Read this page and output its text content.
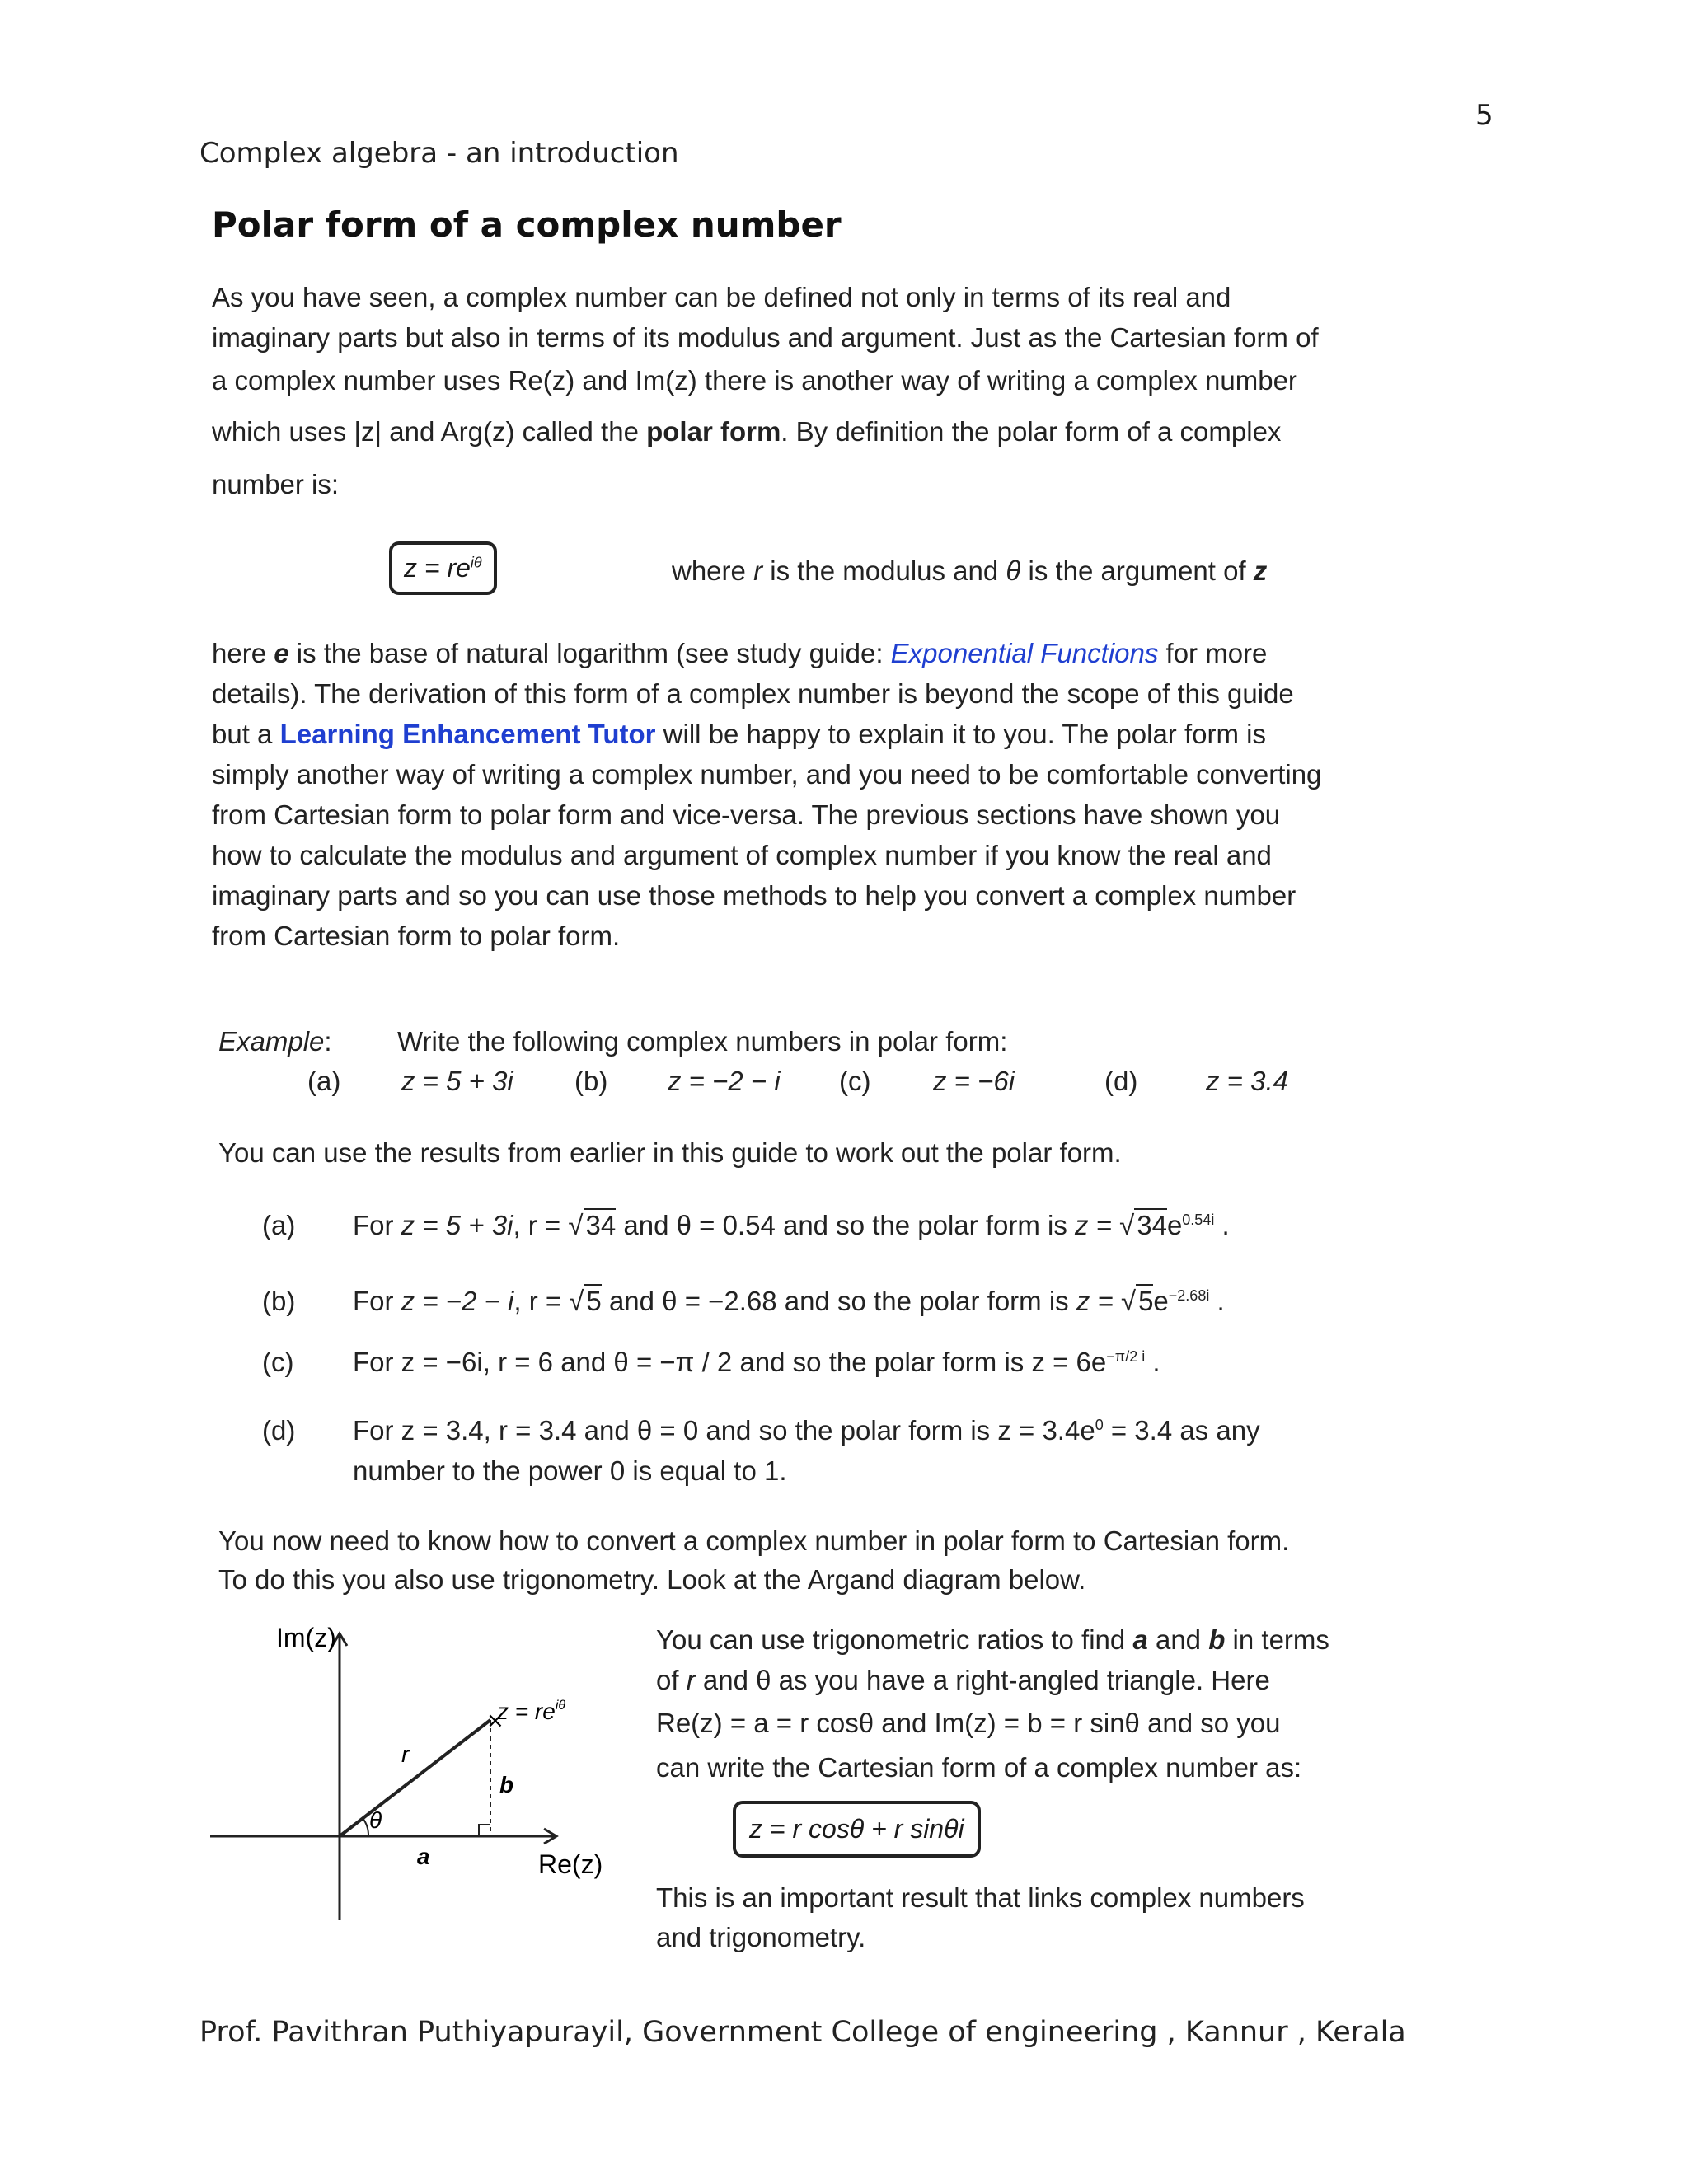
5
Complex algebra - an introduction
Polar form of a complex number
As you have seen, a complex number can be defined not only in terms of its real and
imaginary parts but also in terms of its modulus and argument. Just as the Cartesian form of
a complex number uses Re(z) and Im(z) there is another way of writing a complex number
which uses |z| and Arg(z) called the polar form. By definition the polar form of a complex
number is:
$z = re^{i\theta}$	where r is the modulus and θ is the argument of z
here e is the base of natural logarithm (see study guide: Exponential Functions for more
details). The derivation of this form of a complex number is beyond the scope of this guide
but a Learning Enhancement Tutor will be happy to explain it to you. The polar form is
simply another way of writing a complex number, and you need to be comfortable converting
from Cartesian form to polar form and vice-versa. The previous sections have shown you
how to calculate the modulus and argument of complex number if you know the real and
imaginary parts and so you can use those methods to help you convert a complex number
from Cartesian form to polar form.
Example: Write the following complex numbers in polar form:
(a) z = 5 + 3i (b) z = −2 − i (c) z = −6i	(d)	z = 3.4
You can use the results from earlier in this guide to work out the polar form.
(a) For z = 5 + 3i, r = √34 and θ = 0.54 and so the polar form is $z = √34e^{0.54i}$ .
(b) For z = −2 − i, r = √5 and θ = −2.68 and so the polar form is $z = √5e^{-2.68i}$ .
(c) For z = −6i, r = 6 and θ = −π / 2 and so the polar form is $z = 6e^{-\pi/2 i}$ .
(d) For z = 3.4, r = 3.4 and θ = 0 and so the polar form is $z = 3.4e^0 = 3.4$ as any
number to the power 0 is equal to 1.
You now need to know how to convert a complex number in polar form to Cartesian form.
To do this you also use trigonometry. Look at the Argand diagram below.
×
Im(z)
Re(z)
$z = re^{i\theta}$
r
b
a
θ
You can use trigonometric ratios to find a and b in terms
of r and θ as you have a right-angled triangle. Here
Re(z) = a = r cosθ and Im(z) = b = r sinθ and so you
can write the Cartesian form of a complex number as:
z = r cosθ + r sinθi
This is an important result that links complex numbers
and trigonometry.
Prof. Pavithran Puthiyapurayil, Government College of engineering , Kannur , Kerala
